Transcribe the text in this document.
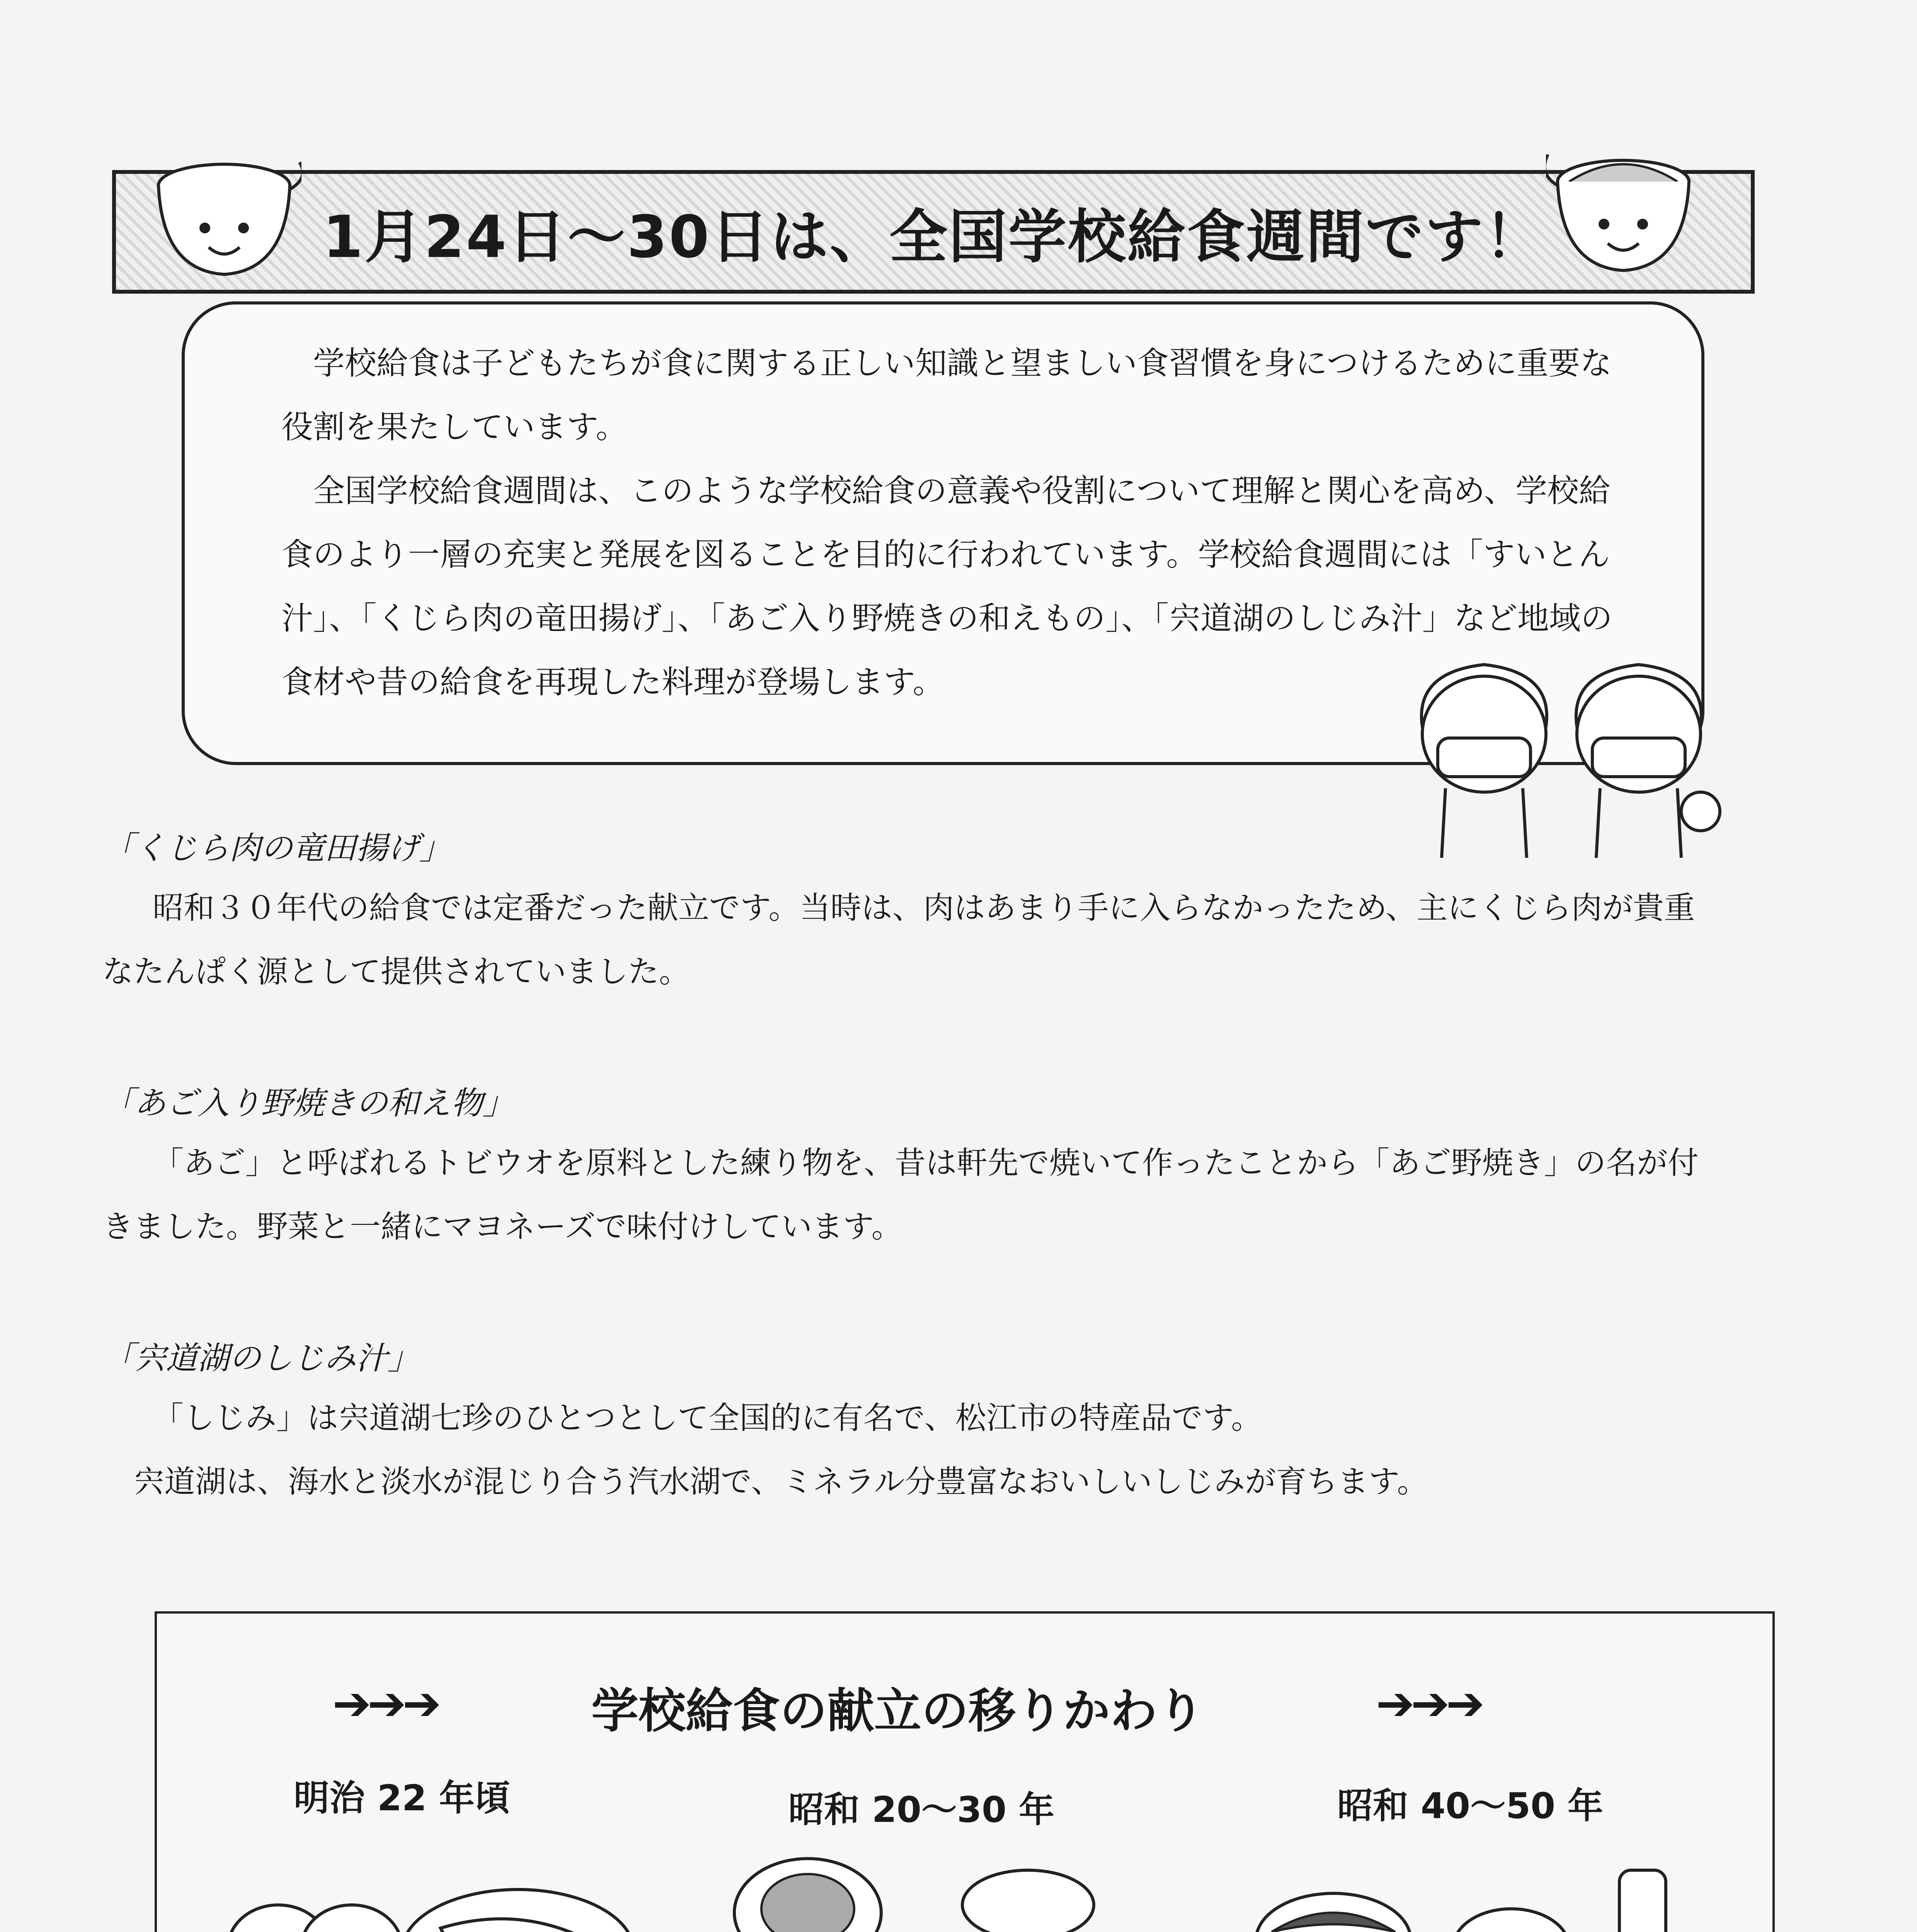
1月24日～30日は、全国学校給食週間です！

学校給食は子どもたちが食に関する正しい知識と望ましい食習慣を身につけるために重要な役割を果たしています。

全国学校給食週間は、このような学校給食の意義や役割について理解と関心を高め、学校給食のより一層の充実と発展を図ることを目的に行われています。学校給食週間には「すいとん汁」、「くじら肉の竜田揚げ」、「あご入り野焼きの和えもの」、「宍道湖のしじみ汁」など地域の食材や昔の給食を再現した料理が登場します。

「くじら肉の竜田揚げ」
昭和３０年代の給食では定番だった献立です。当時は、肉はあまり手に入らなかったため、主にくじら肉が貴重なたんぱく源として提供されていました。
「あご入り野焼きの和え物」
「あご」と呼ばれるトビウオを原料とした練り物を、昔は軒先で焼いて作ったことから「あご野焼き」の名が付きました。野菜と一緒にマヨネーズで味付けしています。
「宍道湖のしじみ汁」
「しじみ」は宍道湖七珍のひとつとして全国的に有名で、松江市の特産品です。
宍道湖は、海水と淡水が混じり合う汽水湖で、ミネラル分豊富なおいしいしじみが育ちます。
➔➔➔	学校給食の献立の移りかわり	➔➔➔
明治 22 年頃	昭和 20～30 年	昭和 40～50 年
